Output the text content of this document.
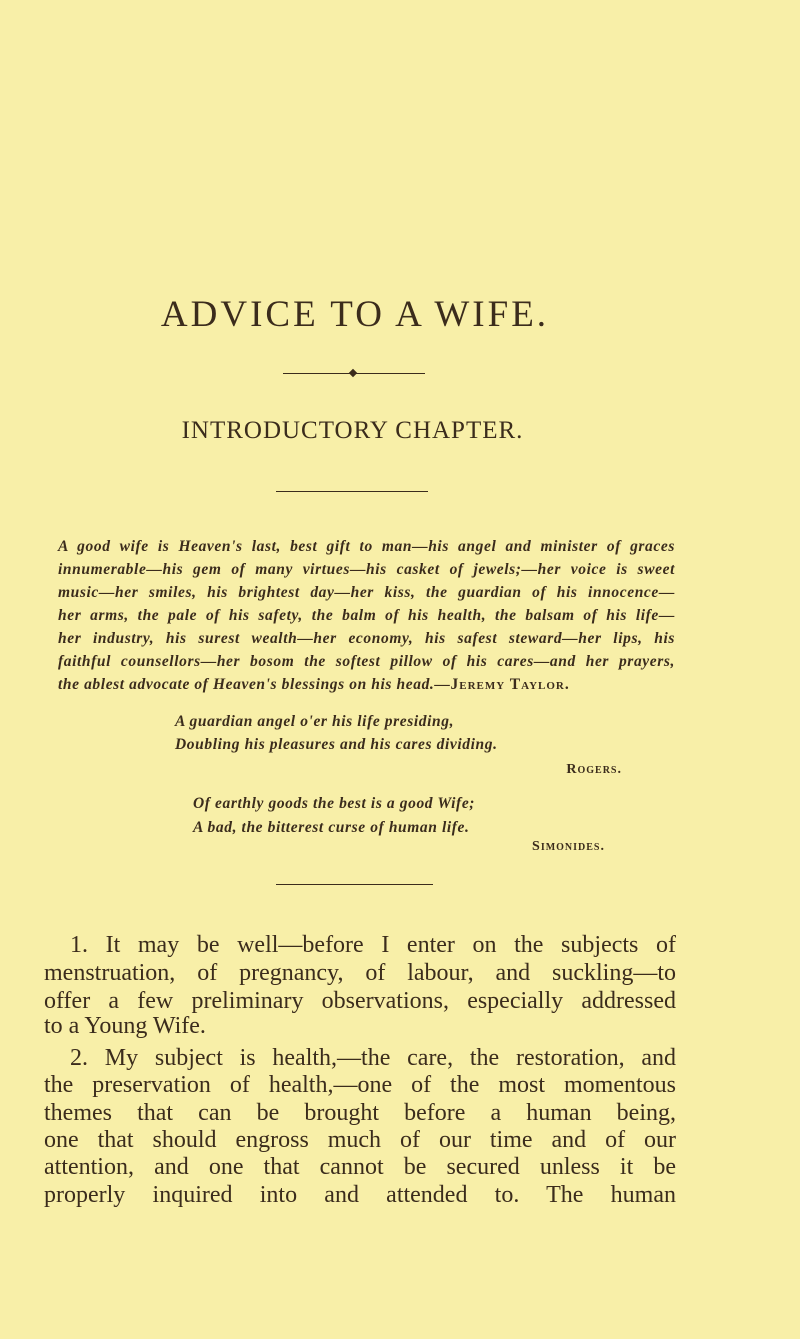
ADVICE TO A WIFE.
INTRODUCTORY CHAPTER.
A good wife is Heaven's last, best gift to man—his angel and minister of graces
innumerable—his gem of many virtues—his casket of jewels;—her voice is sweet
music—her smiles, his brightest day—her kiss, the guardian of his innocence—
her arms, the pale of his safety, the balm of his health, the balsam of his life—
her industry, his surest wealth—her economy, his safest steward—her lips, his
faithful counsellors—her bosom the softest pillow of his cares—and her prayers,
the ablest advocate of Heaven's blessings on his head.—Jeremy Taylor.
A guardian angel o'er his life presiding,
Doubling his pleasures and his cares dividing.
Rogers.
Of earthly goods the best is a good Wife;
A bad, the bitterest curse of human life.
Simonides.
1. It may be well—before I enter on the subjects of
menstruation, of pregnancy, of labour, and suckling—to
offer a few preliminary observations, especially addressed
to a Young Wife.
2. My subject is health,—the care, the restoration, and
the preservation of health,—one of the most momentous
themes that can be brought before a human being,
one that should engross much of our time and of our
attention, and one that cannot be secured unless it be
properly inquired into and attended to. The human
